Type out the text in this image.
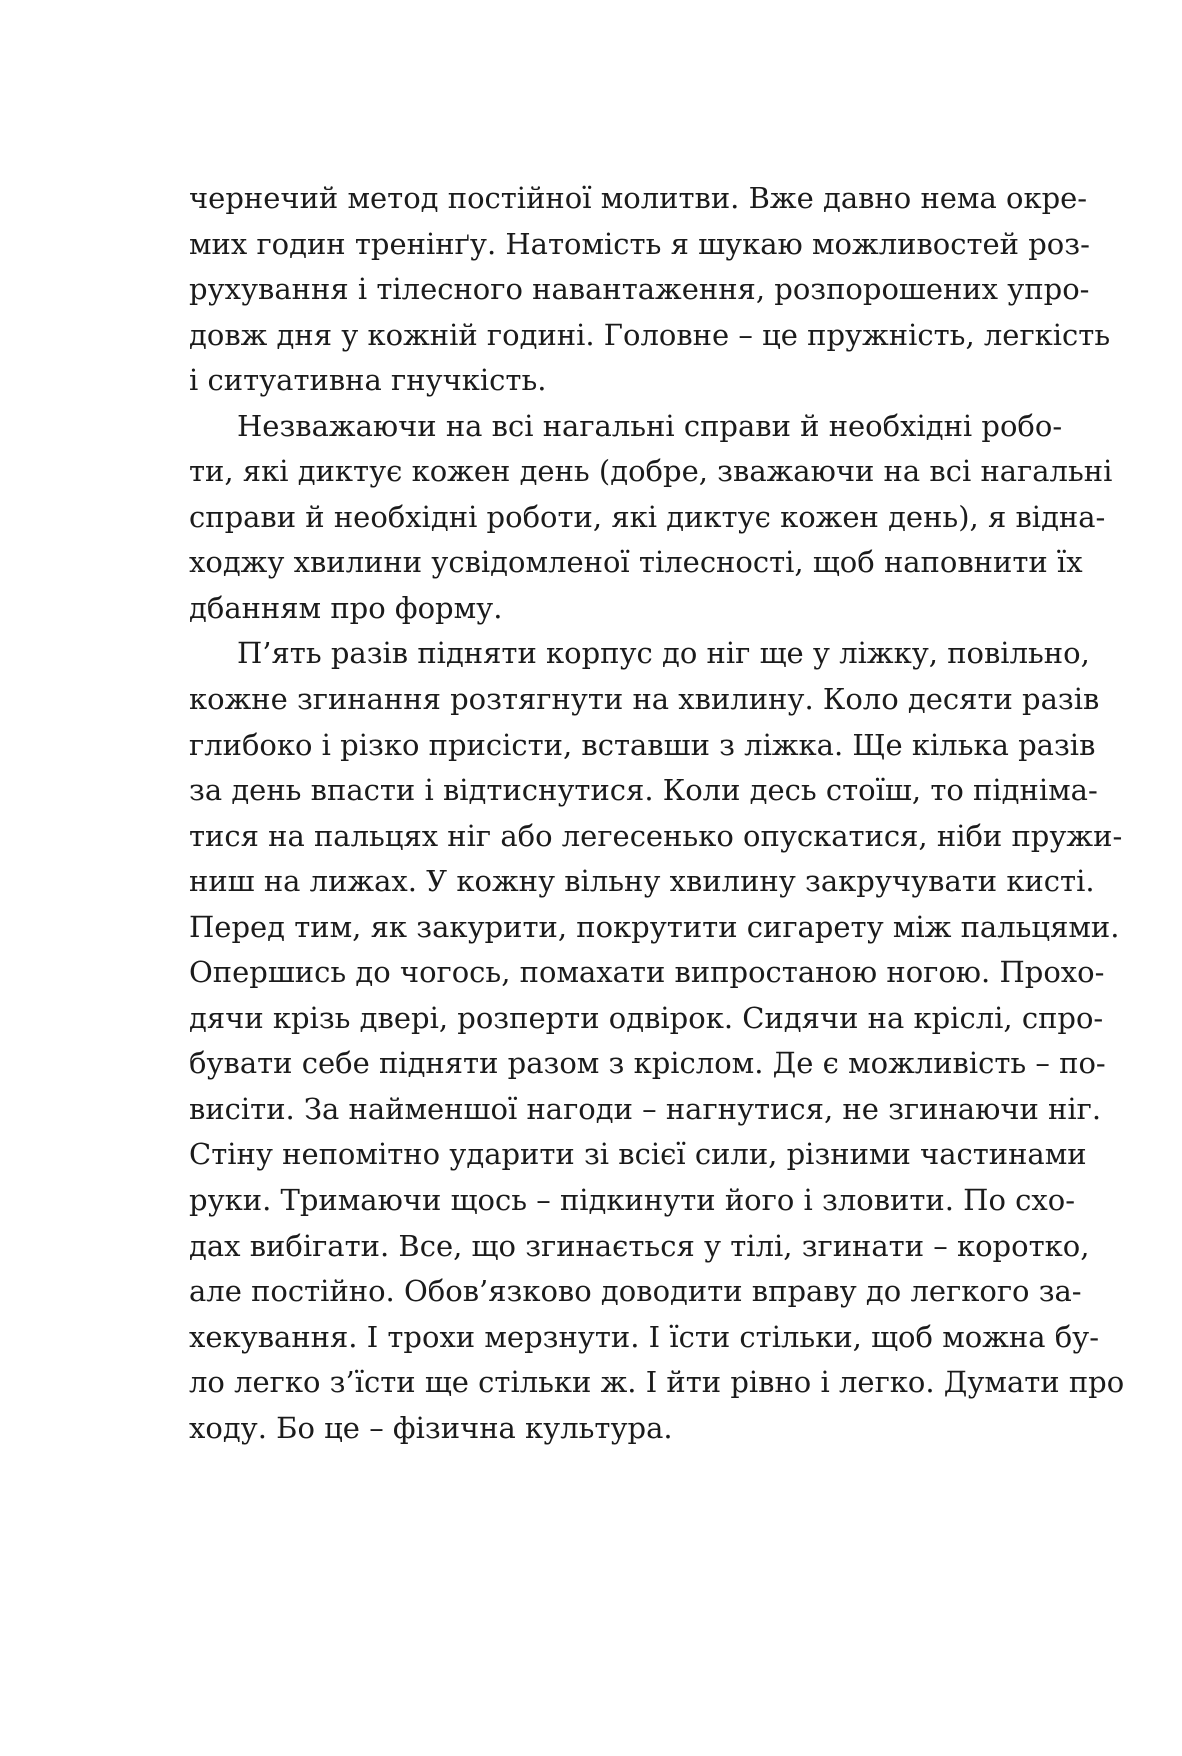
чернечий метод постійної молитви. Вже давно нема окре-
мих годин тренінґу. Натомість я шукаю можливостей роз-
рухування і тілесного навантаження, розпорошених упро-
довж дня у кожній годині. Головне – це пружність, легкість
і ситуативна гнучкість.
Незважаючи на всі нагальні справи й необхідні робо-
ти, які диктує кожен день (добре, зважаючи на всі нагальні
справи й необхідні роботи, які диктує кожен день), я відна-
ходжу хвилини усвідомленої тілесності, щоб наповнити їх
дбанням про форму.
П’ять разів підняти корпус до ніг ще у ліжку, повільно,
кожне згинання розтягнути на хвилину. Коло десяти разів
глибоко і різко присісти, вставши з ліжка. Ще кілька разів
за день впасти і відтиснутися. Коли десь стоїш, то підніма-
тися на пальцях ніг або легесенько опускатися, ніби пружи-
ниш на лижах. У кожну вільну хвилину закручувати кисті.
Перед тим, як закурити, покрутити сигарету між пальцями.
Опершись до чогось, помахати випростаною ногою. Прохо-
дячи крізь двері, розперти одвірок. Сидячи на кріслі, спро-
бувати себе підняти разом з кріслом. Де є можливість – по-
висіти. За найменшої нагоди – нагнутися, не згинаючи ніг.
Стіну непомітно ударити зі всієї сили, різними частинами
руки. Тримаючи щось – підкинути його і зловити. По схо-
дах вибігати. Все, що згинається у тілі, згинати – коротко,
але постійно. Обов’язково доводити вправу до легкого за-
хекування. І трохи мерзнути. І їсти стільки, щоб можна бу-
ло легко з’їсти ще стільки ж. І йти рівно і легко. Думати про
ходу. Бо це – фізична культура.
